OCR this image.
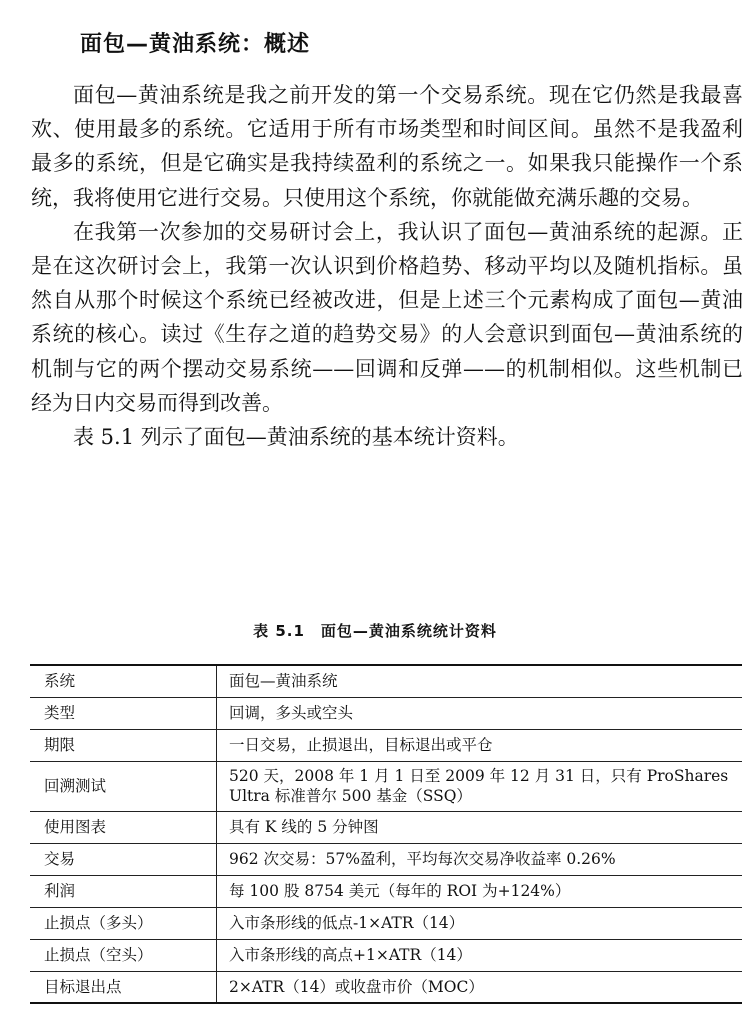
面包—黄油系统：概述

面包—黄油系统是我之前开发的第一个交易系统。现在它仍然是我最喜欢、使用最多的系统。它适用于所有市场类型和时间区间。虽然不是我盈利最多的系统，但是它确实是我持续盈利的系统之一。如果我只能操作一个系统，我将使用它进行交易。只使用这个系统，你就能做充满乐趣的交易。

在我第一次参加的交易研讨会上，我认识了面包—黄油系统的起源。正是在这次研讨会上，我第一次认识到价格趋势、移动平均以及随机指标。虽然自从那个时候这个系统已经被改进，但是上述三个元素构成了面包—黄油系统的核心。读过《生存之道的趋势交易》的人会意识到面包—黄油系统的机制与它的两个摆动交易系统——回调和反弹——的机制相似。这些机制已经为日内交易而得到改善。

表 5.1 列示了面包—黄油系统的基本统计资料。

表 5.1　面包—黄油系统统计资料
系统	面包—黄油系统
类型	回调，多头或空头
期限	一日交易，止损退出，目标退出或平仓
回溯测试	520 天，2008 年 1 月 1 日至 2009 年 12 月 31 日，只有 ProShares Ultra 标准普尔 500 基金（SSQ）
使用图表	具有 K 线的 5 分钟图
交易	962 次交易：57%盈利，平均每次交易净收益率 0.26%
利润	每 100 股 8754 美元（每年的 ROI 为+124%）
止损点（多头）	入市条形线的低点-1×ATR（14）
止损点（空头）	入市条形线的高点+1×ATR（14）
目标退出点	2×ATR（14）或收盘市价（MOC）
